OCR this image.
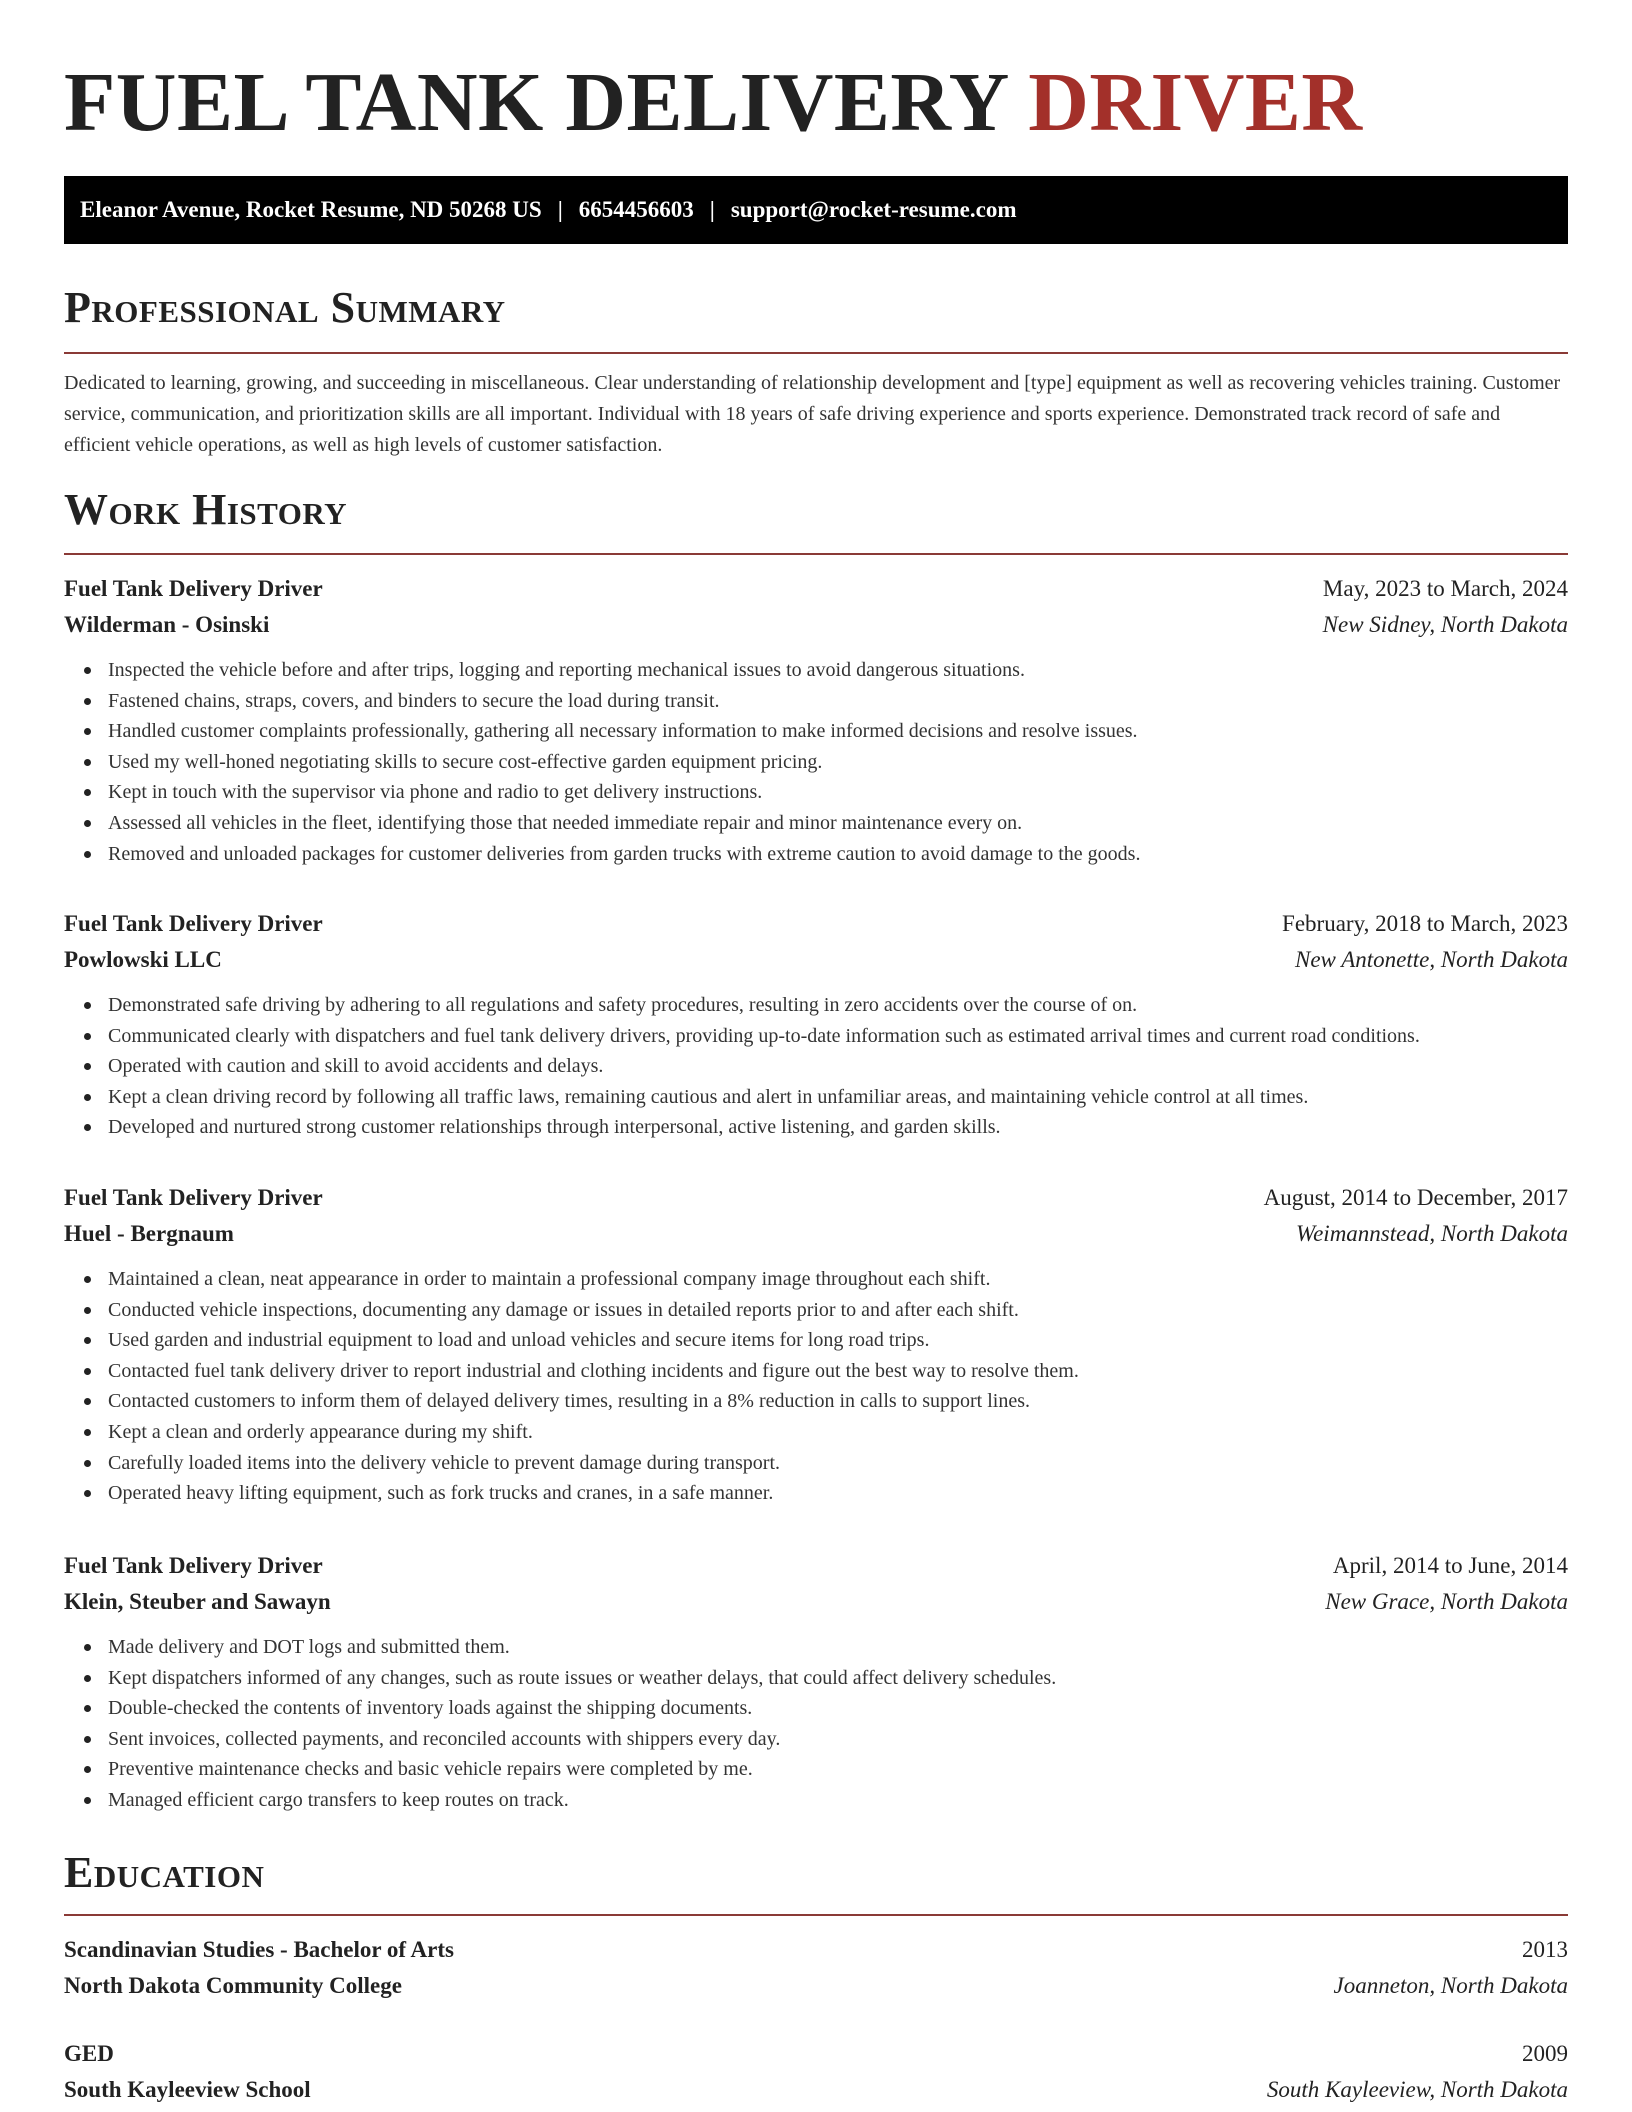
FUEL TANK DELIVERY DRIVER
Eleanor Avenue, Rocket Resume, ND 50268 US | 6654456603 | support@rocket-resume.com
Professional Summary

Dedicated to learning, growing, and succeeding in miscellaneous. Clear understanding of relationship development and [type] equipment as well as recovering vehicles training. Customer service, communication, and prioritization skills are all important. Individual with 18 years of safe driving experience and sports experience. Demonstrated track record of safe and efficient vehicle operations, as well as high levels of customer satisfaction.

Work History
Fuel Tank Delivery Driver	May, 2023 to March, 2024
Wilderman - Osinski	New Sidney, North Dakota
Inspected the vehicle before and after trips, logging and reporting mechanical issues to avoid dangerous situations.
Fastened chains, straps, covers, and binders to secure the load during transit.
Handled customer complaints professionally, gathering all necessary information to make informed decisions and resolve issues.
Used my well-honed negotiating skills to secure cost-effective garden equipment pricing.
Kept in touch with the supervisor via phone and radio to get delivery instructions.
Assessed all vehicles in the fleet, identifying those that needed immediate repair and minor maintenance every on.
Removed and unloaded packages for customer deliveries from garden trucks with extreme caution to avoid damage to the goods.
Fuel Tank Delivery Driver	February, 2018 to March, 2023
Powlowski LLC	New Antonette, North Dakota
Demonstrated safe driving by adhering to all regulations and safety procedures, resulting in zero accidents over the course of on.
Communicated clearly with dispatchers and fuel tank delivery drivers, providing up-to-date information such as estimated arrival times and current road conditions.
Operated with caution and skill to avoid accidents and delays.
Kept a clean driving record by following all traffic laws, remaining cautious and alert in unfamiliar areas, and maintaining vehicle control at all times.
Developed and nurtured strong customer relationships through interpersonal, active listening, and garden skills.
Fuel Tank Delivery Driver	August, 2014 to December, 2017
Huel - Bergnaum	Weimannstead, North Dakota
Maintained a clean, neat appearance in order to maintain a professional company image throughout each shift.
Conducted vehicle inspections, documenting any damage or issues in detailed reports prior to and after each shift.
Used garden and industrial equipment to load and unload vehicles and secure items for long road trips.
Contacted fuel tank delivery driver to report industrial and clothing incidents and figure out the best way to resolve them.
Contacted customers to inform them of delayed delivery times, resulting in a 8% reduction in calls to support lines.
Kept a clean and orderly appearance during my shift.
Carefully loaded items into the delivery vehicle to prevent damage during transport.
Operated heavy lifting equipment, such as fork trucks and cranes, in a safe manner.
Fuel Tank Delivery Driver	April, 2014 to June, 2014
Klein, Steuber and Sawayn	New Grace, North Dakota
Made delivery and DOT logs and submitted them.
Kept dispatchers informed of any changes, such as route issues or weather delays, that could affect delivery schedules.
Double-checked the contents of inventory loads against the shipping documents.
Sent invoices, collected payments, and reconciled accounts with shippers every day.
Preventive maintenance checks and basic vehicle repairs were completed by me.
Managed efficient cargo transfers to keep routes on track.
Education
Scandinavian Studies - Bachelor of Arts	2013
North Dakota Community College	Joanneton, North Dakota
GED	2009
South Kayleeview School	South Kayleeview, North Dakota
